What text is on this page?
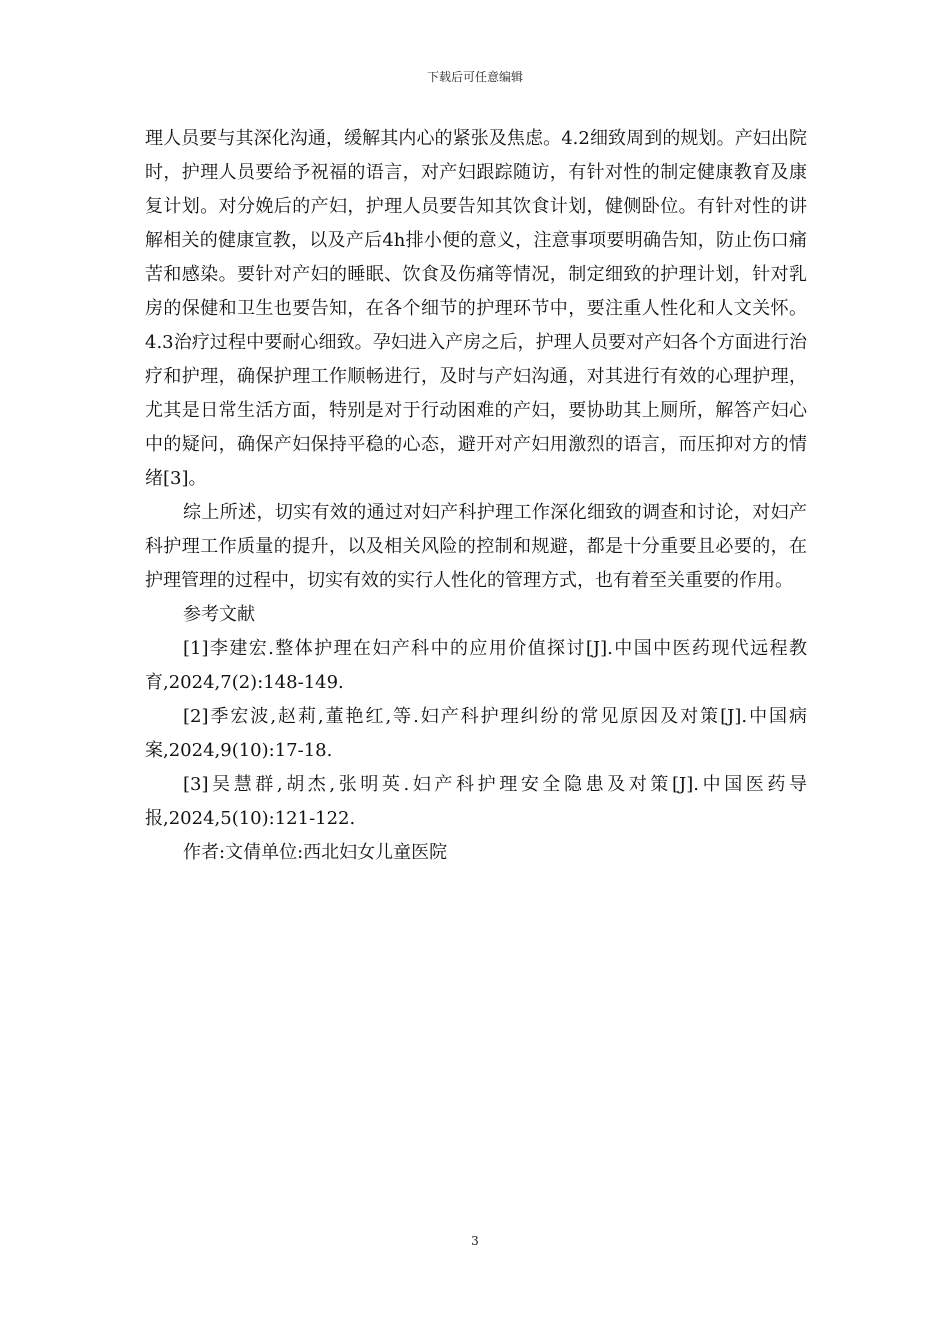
下载后可任意编辑

理人员要与其深化沟通，缓解其内心的紧张及焦虑。4.2细致周到的规划。产妇出院时，护理人员要给予祝福的语言，对产妇跟踪随访，有针对性的制定健康教育及康复计划。对分娩后的产妇，护理人员要告知其饮食计划，健侧卧位。有针对性的讲解相关的健康宣教，以及产后4h排小便的意义，注意事项要明确告知，防止伤口痛苦和感染。要针对产妇的睡眠、饮食及伤痛等情况，制定细致的护理计划，针对乳房的保健和卫生也要告知，在各个细节的护理环节中，要注重人性化和人文关怀。4.3治疗过程中要耐心细致。孕妇进入产房之后，护理人员要对产妇各个方面进行治疗和护理，确保护理工作顺畅进行，及时与产妇沟通，对其进行有效的心理护理，尤其是日常生活方面，特别是对于行动困难的产妇，要协助其上厕所，解答产妇心中的疑问，确保产妇保持平稳的心态，避开对产妇用激烈的语言，而压抑对方的情绪[3]。

综上所述，切实有效的通过对妇产科护理工作深化细致的调查和讨论，对妇产科护理工作质量的提升，以及相关风险的控制和规避，都是十分重要且必要的，在护理管理的过程中，切实有效的实行人性化的管理方式，也有着至关重要的作用。

参考文献

[1]李建宏.整体护理在妇产科中的应用价值探讨[J].中国中医药现代远程教育,2024,7(2):148-149.

[2]季宏波,赵莉,董艳红,等.妇产科护理纠纷的常见原因及对策[J].中国病案,2024,9(10):17-18.

[3]吴慧群,胡杰,张明英.妇产科护理安全隐患及对策[J].中国医药导报,2024,5(10):121-122.

作者:文倩单位:西北妇女儿童医院

3
